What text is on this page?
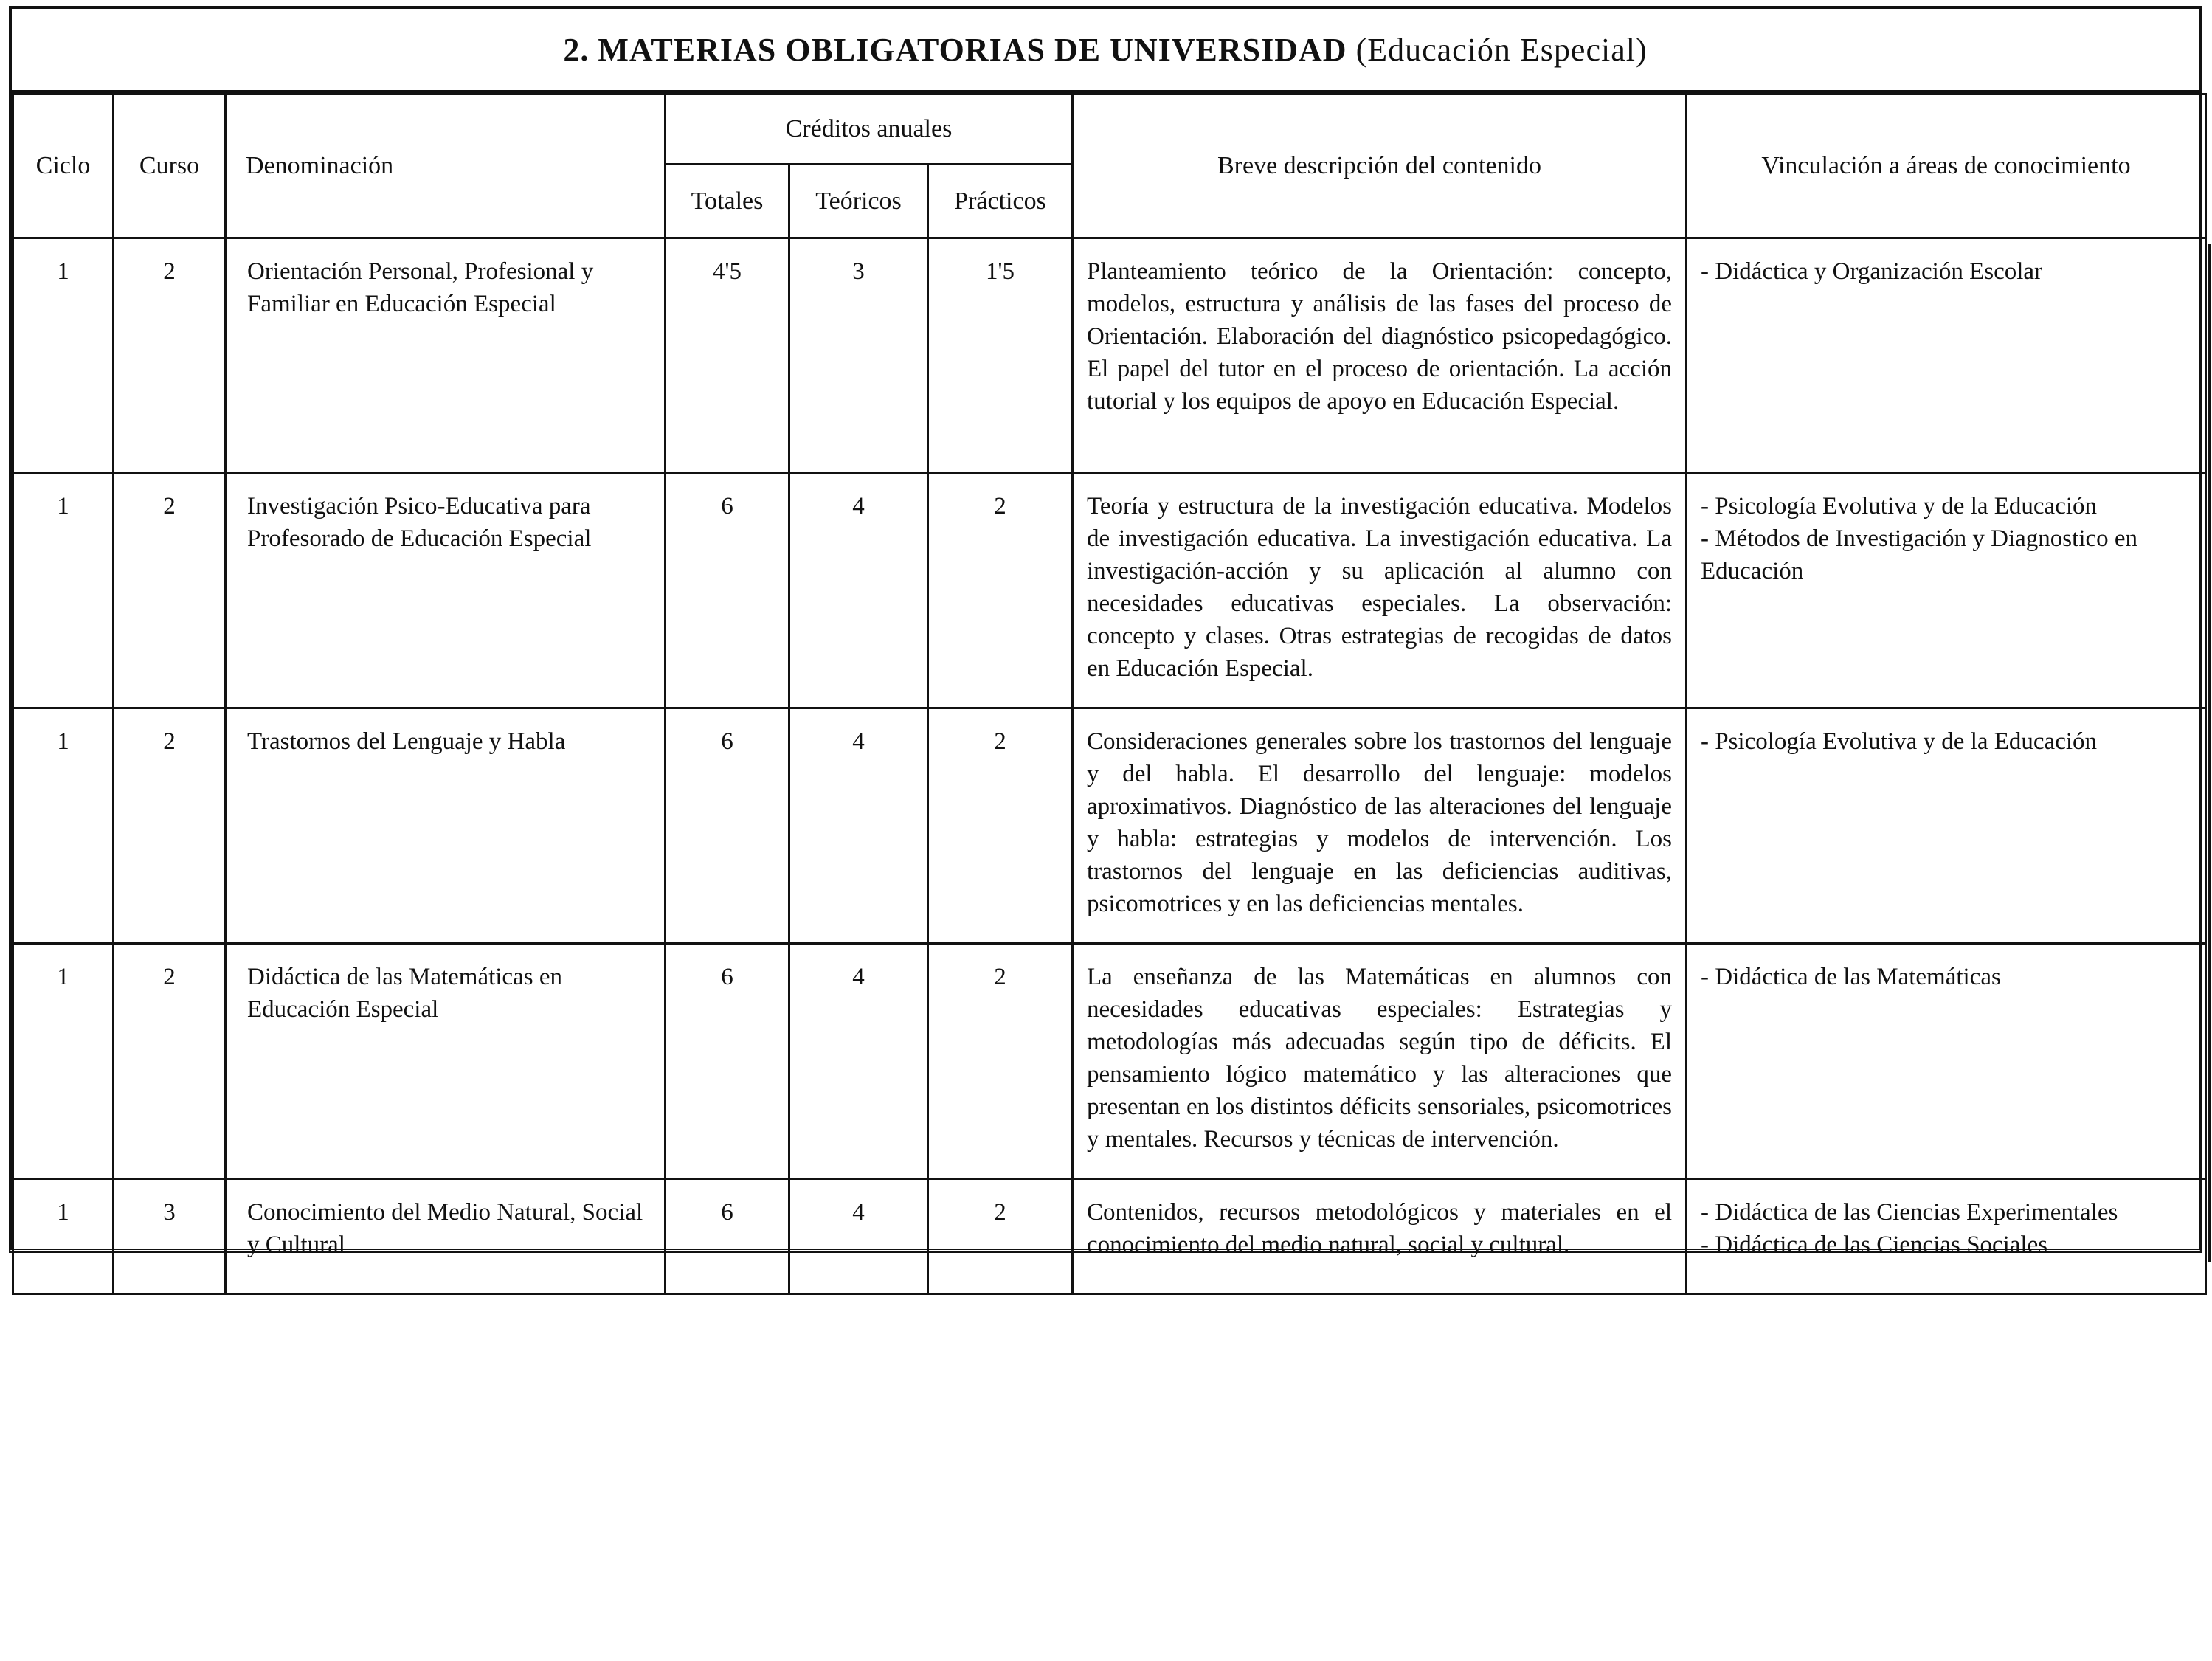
2. MATERIAS OBLIGATORIAS DE UNIVERSIDAD (Educación Especial)
Ciclo	Curso	Denominación	Créditos anuales			Breve descripción del contenido	Vinculación a áreas de conocimiento
			Totales	Teóricos	Prácticos		
1	2	Orientación Personal, Profesional y Familiar en Educación Especial	4'5	3	1'5	Planteamiento teórico de la Orientación: concepto, modelos, estructura y análisis de las fases del proceso de Orientación. Elaboración del diagnóstico psicopedagógico. El papel del tutor en el proceso de orientación. La acción tutorial y los equipos de apoyo en Educación Especial.	- Didáctica y Organización Escolar

1	2	Investigación Psico-Educativa para Profesorado de Educación Especial	6	4	2	Teoría y estructura de la investigación educativa. Modelos de investigación educativa. La investigación educativa. La investigación-acción y su aplicación al alumno con necesidades educativas especiales. La observación: concepto y clases. Otras estrategias de recogidas de datos en Educación Especial.	- Psicología Evolutiva y de la Educación
- Métodos de Investigación y Diagnostico en Educación

1	2	Trastornos del Lenguaje y Habla	6	4	2	Consideraciones generales sobre los trastornos del lenguaje y del habla. El desarrollo del lenguaje: modelos aproximativos. Diagnóstico de las alteraciones del lenguaje y habla: estrategias y modelos de intervención. Los trastornos del lenguaje en las deficiencias auditivas, psicomotrices y en las deficiencias mentales.	- Psicología Evolutiva y de la Educación

1	2	Didáctica de las Matemáticas en Educación Especial	6	4	2	La enseñanza de las Matemáticas en alumnos con necesidades educativas especiales: Estrategias y metodologías más adecuadas según tipo de déficits. El pensamiento lógico matemático y las alteraciones que presentan en los distintos déficits sensoriales, psicomotrices y mentales. Recursos y técnicas de intervención.	- Didáctica de las Matemáticas

1	3	Conocimiento del Medio Natural, Social y Cultural	6	4	2	Contenidos, recursos metodológicos y materiales en el conocimiento del medio natural, social y cultural.	- Didáctica de las Ciencias Experimentales
- Didáctica de las Ciencias Sociales
